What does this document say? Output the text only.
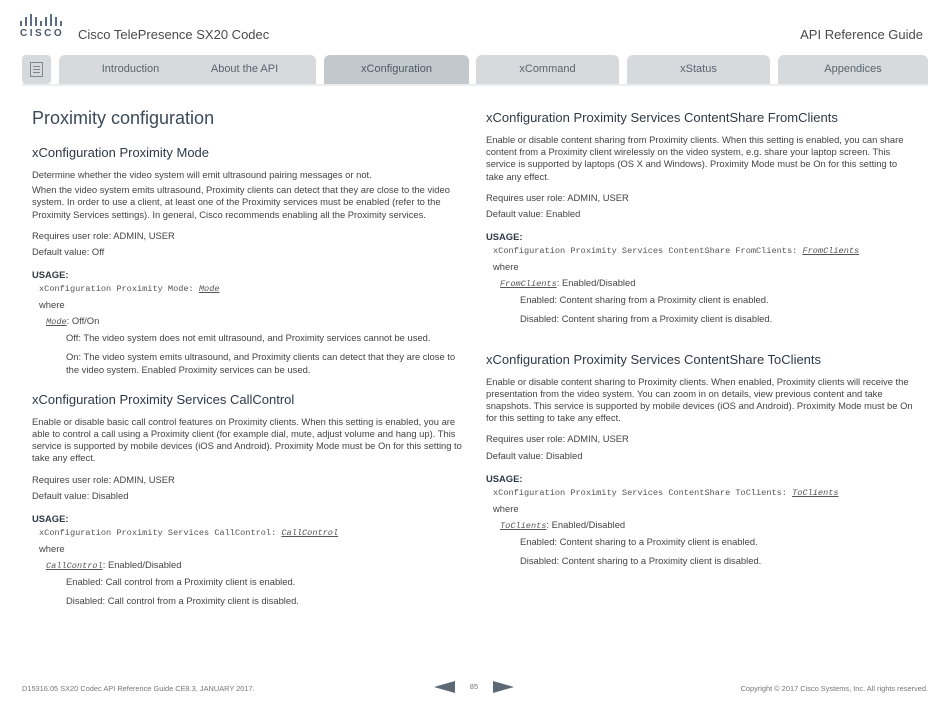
CISCO Cisco TelePresence SX20 Codec	API Reference Guide
Introduction	About the API	xConfiguration	xCommand	xStatus	Appendices
Proximity configuration
xConfiguration Proximity Mode

Determine whether the video system will emit ultrasound pairing messages or not.

When the video system emits ultrasound, Proximity clients can detect that they are close to the video system. In order to use a client, at least one of the Proximity services must be enabled (refer to the Proximity Services settings). In general, Cisco recommends enabling all the Proximity services.

Requires user role: ADMIN, USER

Default value: Off

USAGE:
xConfiguration Proximity Mode: Mode
where
Mode: Off/On
Off: The video system does not emit ultrasound, and Proximity services cannot be used.
On: The video system emits ultrasound, and Proximity clients can detect that they are close to the video system. Enabled Proximity services can be used.
xConfiguration Proximity Services CallControl

Enable or disable basic call control features on Proximity clients. When this setting is enabled, you are able to control a call using a Proximity client (for example dial, mute, adjust volume and hang up). This service is supported by mobile devices (iOS and Android). Proximity Mode must be On for this setting to take any effect.

Requires user role: ADMIN, USER

Default value: Disabled

USAGE:
xConfiguration Proximity Services CallControl: CallControl
where
CallControl: Enabled/Disabled
Enabled: Call control from a Proximity client is enabled.
Disabled: Call control from a Proximity client is disabled.
xConfiguration Proximity Services ContentShare FromClients

Enable or disable content sharing from Proximity clients. When this setting is enabled, you can share content from a Proximity client wirelessly on the video system, e.g. share your laptop screen. This service is supported by laptops (OS X and Windows). Proximity Mode must be On for this setting to take any effect.

Requires user role: ADMIN, USER

Default value: Enabled

USAGE:
xConfiguration Proximity Services ContentShare FromClients: FromClients
where
FromClients: Enabled/Disabled
Enabled: Content sharing from a Proximity client is enabled.
Disabled: Content sharing from a Proximity client is disabled.
xConfiguration Proximity Services ContentShare ToClients

Enable or disable content sharing to Proximity clients. When enabled, Proximity clients will receive the presentation from the video system. You can zoom in on details, view previous content and take snapshots. This service is supported by mobile devices (iOS and Android). Proximity Mode must be On for this setting to take any effect.

Requires user role: ADMIN, USER

Default value: Disabled

USAGE:
xConfiguration Proximity Services ContentShare ToClients: ToClients
where
ToClients: Enabled/Disabled
Enabled: Content sharing to a Proximity client is enabled.
Disabled: Content sharing to a Proximity client is disabled.
D15316.05 SX20 Codec API Reference Guide CE8.3, JANUARY 2017.	85	Copyright © 2017 Cisco Systems, Inc. All rights reserved.
